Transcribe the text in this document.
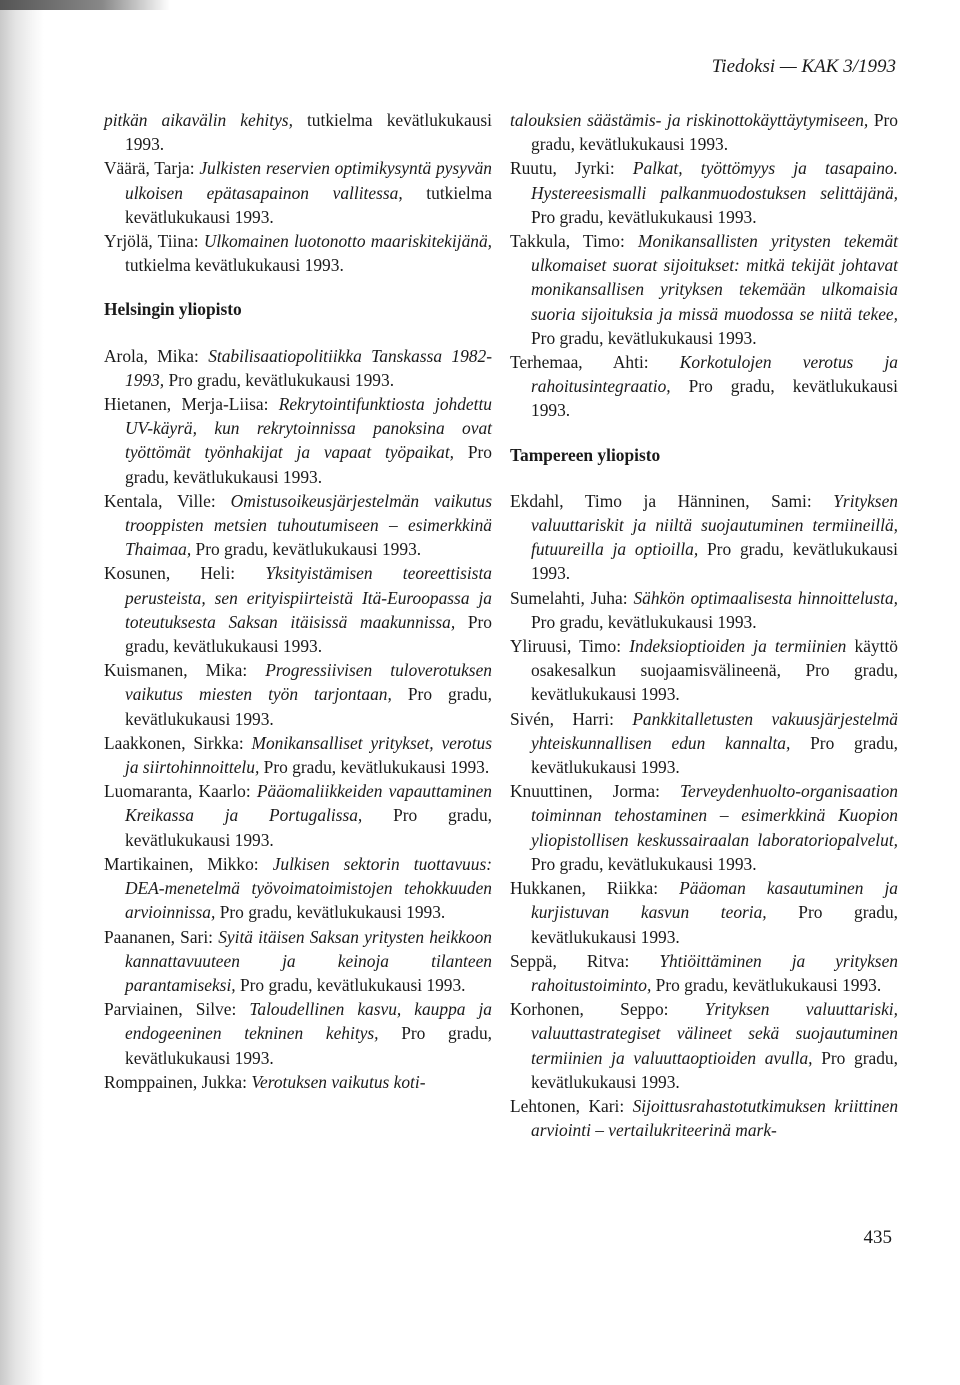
Tiedoksi — KAK 3/1993

pitkän aikavälin kehitys, tutkielma kevätlukukausi 1993.

Väärä, Tarja: Julkisten reservien optimikysyntä pysyvän ulkoisen epätasapainon vallitessa, tutkielma kevätlukukausi 1993.

Yrjölä, Tiina: Ulkomainen luotonotto maariskitekijänä, tutkielma kevätlukukausi 1993.

Helsingin yliopisto

Arola, Mika: Stabilisaatiopolitiikka Tanskassa 1982-1993, Pro gradu, kevätlukukausi 1993.

Hietanen, Merja-Liisa: Rekrytointifunktiosta johdettu UV-käyrä, kun rekrytoinnissa panoksina ovat työttömät työnhakijat ja vapaat työpaikat, Pro gradu, kevätlukukausi 1993.

Kentala, Ville: Omistusoikeusjärjestelmän vaikutus trooppisten metsien tuhoutumiseen – esimerkkinä Thaimaa, Pro gradu, kevätlukukausi 1993.

Kosunen, Heli: Yksityistämisen teoreettisista perusteista, sen erityispiirteistä Itä-Euroopassa ja toteutuksesta Saksan itäisissä maakunnissa, Pro gradu, kevätlukukausi 1993.

Kuismanen, Mika: Progressiivisen tuloverotuksen vaikutus miesten työn tarjontaan, Pro gradu, kevätlukukausi 1993.

Laakkonen, Sirkka: Monikansalliset yritykset, verotus ja siirtohinnoittelu, Pro gradu, kevätlukukausi 1993.

Luomaranta, Kaarlo: Pääomaliikkeiden vapauttaminen Kreikassa ja Portugalissa, Pro gradu, kevätlukukausi 1993.

Martikainen, Mikko: Julkisen sektorin tuottavuus: DEA-menetelmä työvoimatoimistojen tehokkuuden arvioinnissa, Pro gradu, kevätlukukausi 1993.

Paananen, Sari: Syitä itäisen Saksan yritysten heikkoon kannattavuuteen ja keinoja tilanteen parantamiseksi, Pro gradu, kevätlukukausi 1993.

Parviainen, Silve: Taloudellinen kasvu, kauppa ja endogeeninen tekninen kehitys, Pro gradu, kevätlukukausi 1993.

Romppainen, Jukka: Verotuksen vaikutus koti-

talouksien säästämis- ja riskinottokäyttäytymiseen, Pro gradu, kevätlukukausi 1993.

Ruutu, Jyrki: Palkat, työttömyys ja tasapaino. Hystereesismalli palkanmuodostuksen selittäjänä, Pro gradu, kevätlukukausi 1993.

Takkula, Timo: Monikansallisten yritysten tekemät ulkomaiset suorat sijoitukset: mitkä tekijät johtavat monikansallisen yrityksen tekemään ulkomaisia suoria sijoituksia ja missä muodossa se niitä tekee, Pro gradu, kevätlukukausi 1993.

Terhemaa, Ahti: Korkotulojen verotus ja rahoitusintegraatio, Pro gradu, kevätlukukausi 1993.

Tampereen yliopisto

Ekdahl, Timo ja Hänninen, Sami: Yrityksen valuuttariskit ja niiltä suojautuminen termiineillä, futuureilla ja optioilla, Pro gradu, kevätlukukausi 1993.

Sumelahti, Juha: Sähkön optimaalisesta hinnoittelusta, Pro gradu, kevätlukukausi 1993.

Yliruusi, Timo: Indeksioptioiden ja termiinien käyttö osakesalkun suojaamisvälineenä, Pro gradu, kevätlukukausi 1993.

Sivén, Harri: Pankkitalletusten vakuusjärjestelmä yhteiskunnallisen edun kannalta, Pro gradu, kevätlukukausi 1993.

Knuuttinen, Jorma: Terveydenhuolto-organisaation toiminnan tehostaminen – esimerkkinä Kuopion yliopistollisen keskussairaalan laboratoriopalvelut, Pro gradu, kevätlukukausi 1993.

Hukkanen, Riikka: Pääoman kasautuminen ja kurjistuvan kasvun teoria, Pro gradu, kevätlukukausi 1993.

Seppä, Ritva: Yhtiöittäminen ja yrityksen rahoitustoiminto, Pro gradu, kevätlukukausi 1993.

Korhonen, Seppo: Yrityksen valuuttariski, valuuttastrategiset välineet sekä suojautuminen termiinien ja valuuttaoptioiden avulla, Pro gradu, kevätlukukausi 1993.

Lehtonen, Kari: Sijoittusrahastotutkimuksen kriittinen arviointi – vertailukriteerinä mark-

435
